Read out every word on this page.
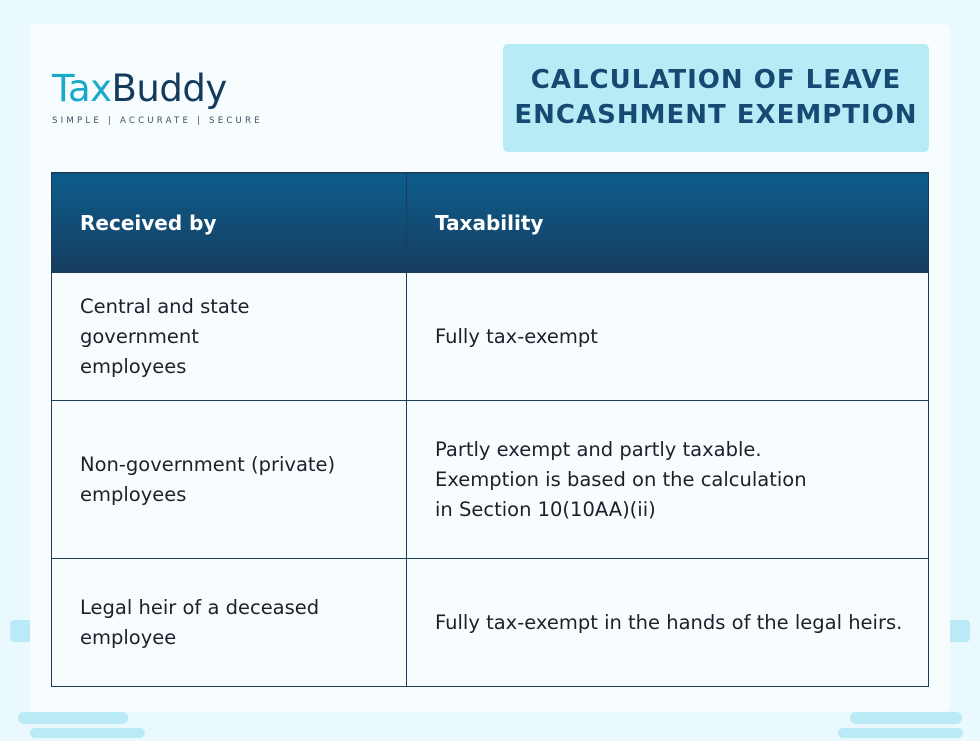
TaxBuddy
SIMPLE | ACCURATE | SECURE
CALCULATION OF LEAVE
ENCASHMENT EXEMPTION
Received by	Taxability
Central and state government employees	Fully tax-exempt
Non-government (private) employees	Partly exempt and partly taxable. Exemption is based on the calculation in Section 10(10AA)(ii)
Legal heir of a deceased employee	Fully tax-exempt in the hands of the legal heirs.
